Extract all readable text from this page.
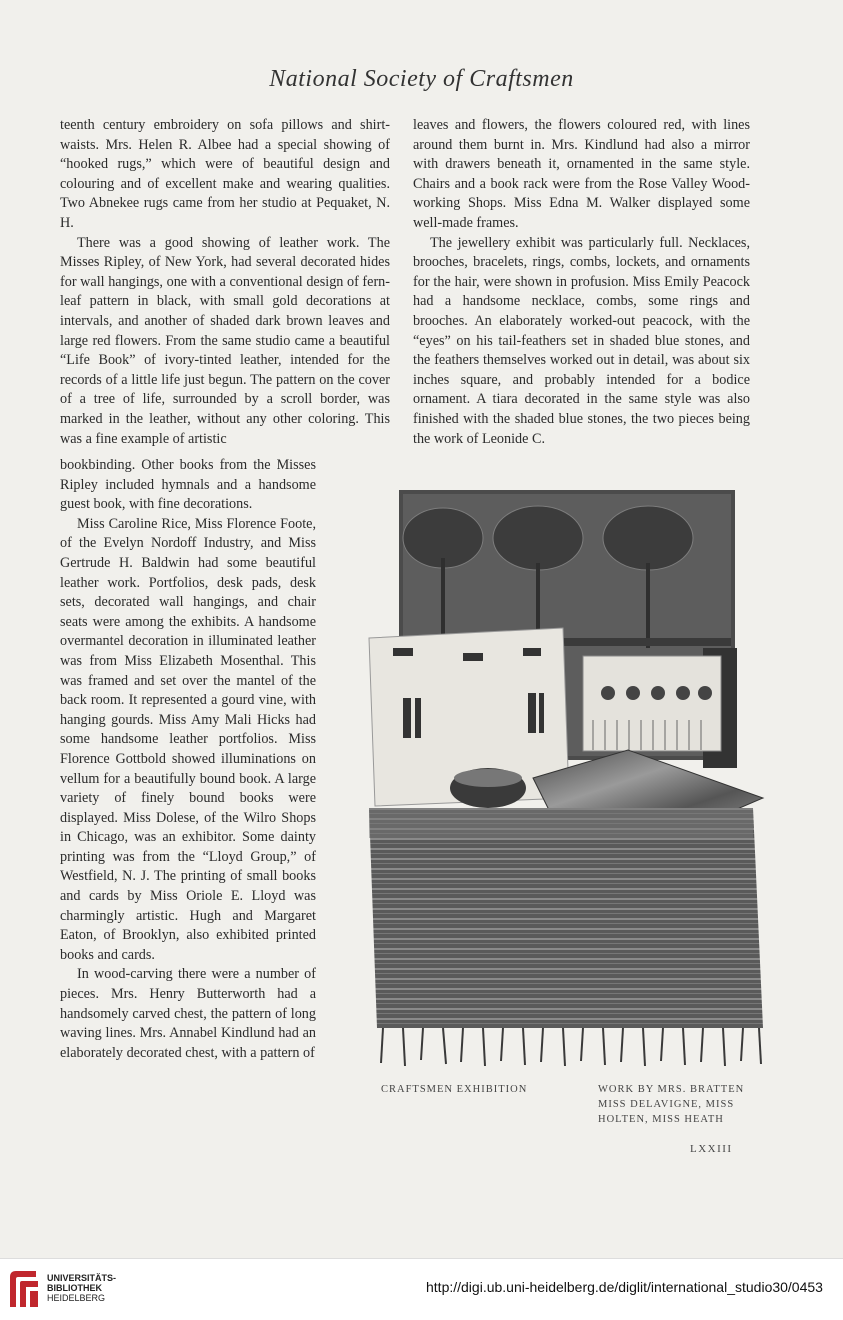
National Society of Craftsmen

teenth century embroidery on sofa pillows and shirt-waists. Mrs. Helen R. Albee had a special showing of “hooked rugs,” which were of beautiful design and colouring and of excellent make and wearing qualities. Two Abnekee rugs came from her studio at Pequaket, N. H.

There was a good showing of leather work. The Misses Ripley, of New York, had several decorated hides for wall hangings, one with a conventional design of fern-leaf pattern in black, with small gold decorations at intervals, and another of shaded dark brown leaves and large red flowers. From the same studio came a beautiful “Life Book” of ivory-tinted leather, intended for the records of a little life just begun. The pattern on the cover of a tree of life, surrounded by a scroll border, was marked in the leather, without any other coloring. This was a fine example of artistic

bookbinding. Other books from the Misses Ripley included hymnals and a handsome guest book, with fine decorations.

Miss Caroline Rice, Miss Florence Foote, of the Evelyn Nordoff Industry, and Miss Gertrude H. Baldwin had some beautiful leather work. Portfolios, desk pads, desk sets, decorated wall hangings, and chair seats were among the exhibits. A handsome overmantel decoration in illuminated leather was from Miss Elizabeth Mosenthal. This was framed and set over the mantel of the back room. It represented a gourd vine, with hanging gourds. Miss Amy Mali Hicks had some handsome leather portfolios. Miss Florence Gottbold showed illuminations on vellum for a beautifully bound book. A large variety of finely bound books were displayed. Miss Dolese, of the Wilro Shops in Chicago, was an exhibitor. Some dainty printing was from the “Lloyd Group,” of Westfield, N. J. The printing of small books and cards by Miss Oriole E. Lloyd was charmingly artistic. Hugh and Margaret Eaton, of Brooklyn, also exhibited printed books and cards.

In wood-carving there were a number of pieces. Mrs. Henry Butterworth had a handsomely carved chest, the pattern of long waving lines. Mrs. Annabel Kindlund had an elaborately decorated chest, with a pattern of

leaves and flowers, the flowers coloured red, with lines around them burnt in. Mrs. Kindlund had also a mirror with drawers beneath it, ornamented in the same style. Chairs and a book rack were from the Rose Valley Wood-working Shops. Miss Edna M. Walker displayed some well-made frames.

The jewellery exhibit was particularly full. Necklaces, brooches, bracelets, rings, combs, lockets, and ornaments for the hair, were shown in profusion. Miss Emily Peacock had a handsome necklace, combs, some rings and brooches. An elaborately worked-out peacock, with the “eyes” on his tail-feathers set in shaded blue stones, and the feathers themselves worked out in detail, was about six inches square, and probably intended for a bodice ornament. A tiara decorated in the same style was also finished with the shaded blue stones, the two pieces being the work of Leonide C.

CRAFTSMEN EXHIBITION	WORK BY MRS. BRATTEN MISS DELAVIGNE, MISS HOLTEN, MISS HEATH
LXXIII
UNIVERSITÄTS-
BIBLIOTHEK
HEIDELBERG
http://digi.ub.uni-heidelberg.de/diglit/international_studio30/0453
